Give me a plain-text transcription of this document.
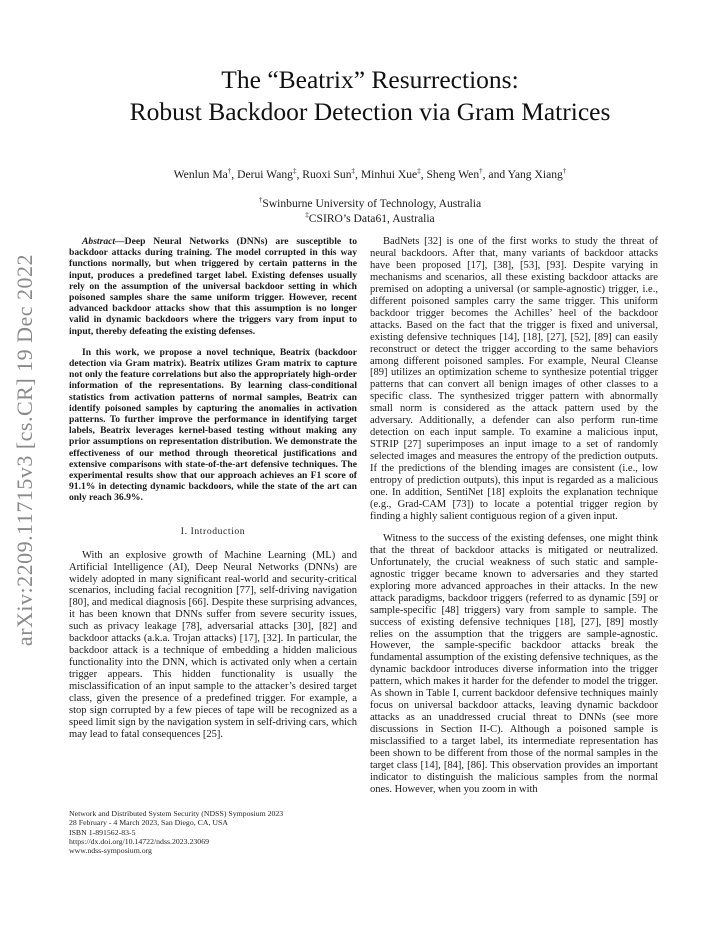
arXiv:2209.11715v3 [cs.CR] 19 Dec 2022
The “Beatrix” Resurrections:
Robust Backdoor Detection via Gram Matrices
Wenlun Ma†, Derui Wang‡, Ruoxi Sun‡, Minhui Xue‡, Sheng Wen†, and Yang Xiang†
†Swinburne University of Technology, Australia
‡CSIRO’s Data61, Australia

Abstract—Deep Neural Networks (DNNs) are susceptible to backdoor attacks during training. The model corrupted in this way functions normally, but when triggered by certain patterns in the input, produces a predefined target label. Existing defenses usually rely on the assumption of the universal backdoor setting in which poisoned samples share the same uniform trigger. However, recent advanced backdoor attacks show that this assumption is no longer valid in dynamic backdoors where the triggers vary from input to input, thereby defeating the existing defenses.

In this work, we propose a novel technique, Beatrix (backdoor detection via Gram matrix). Beatrix utilizes Gram matrix to capture not only the feature correlations but also the appropriately high-order information of the representations. By learning class-conditional statistics from activation patterns of normal samples, Beatrix can identify poisoned samples by capturing the anomalies in activation patterns. To further improve the performance in identifying target labels, Beatrix leverages kernel-based testing without making any prior assumptions on representation distribution. We demonstrate the effectiveness of our method through theoretical justifications and extensive comparisons with state-of-the-art defensive techniques. The experimental results show that our approach achieves an F1 score of 91.1% in detecting dynamic backdoors, while the state of the art can only reach 36.9%.

I. Introduction

With an explosive growth of Machine Learning (ML) and Artificial Intelligence (AI), Deep Neural Networks (DNNs) are widely adopted in many significant real-world and security-critical scenarios, including facial recognition [77], self-driving navigation [80], and medical diagnosis [66]. Despite these surprising advances, it has been known that DNNs suffer from severe security issues, such as privacy leakage [78], adversarial attacks [30], [82] and backdoor attacks (a.k.a. Trojan attacks) [17], [32]. In particular, the backdoor attack is a technique of embedding a hidden malicious functionality into the DNN, which is activated only when a certain trigger appears. This hidden functionality is usually the misclassification of an input sample to the attacker’s desired target class, given the presence of a predefined trigger. For example, a stop sign corrupted by a few pieces of tape will be recognized as a speed limit sign by the navigation system in self-driving cars, which may lead to fatal consequences [25].

BadNets [32] is one of the first works to study the threat of neural backdoors. After that, many variants of backdoor attacks have been proposed [17], [38], [53], [93]. Despite varying in mechanisms and scenarios, all these existing backdoor attacks are premised on adopting a universal (or sample-agnostic) trigger, i.e., different poisoned samples carry the same trigger. This uniform backdoor trigger becomes the Achilles’ heel of the backdoor attacks. Based on the fact that the trigger is fixed and universal, existing defensive techniques [14], [18], [27], [52], [89] can easily reconstruct or detect the trigger according to the same behaviors among different poisoned samples. For example, Neural Cleanse [89] utilizes an optimization scheme to synthesize potential trigger patterns that can convert all benign images of other classes to a specific class. The synthesized trigger pattern with abnormally small norm is considered as the attack pattern used by the adversary. Additionally, a defender can also perform run-time detection on each input sample. To examine a malicious input, STRIP [27] superimposes an input image to a set of randomly selected images and measures the entropy of the prediction outputs. If the predictions of the blending images are consistent (i.e., low entropy of prediction outputs), this input is regarded as a malicious one. In addition, SentiNet [18] exploits the explanation technique (e.g., Grad-CAM [73]) to locate a potential trigger region by finding a highly salient contiguous region of a given input.

Witness to the success of the existing defenses, one might think that the threat of backdoor attacks is mitigated or neutralized. Unfortunately, the crucial weakness of such static and sample-agnostic trigger became known to adversaries and they started exploring more advanced approaches in their attacks. In the new attack paradigms, backdoor triggers (referred to as dynamic [59] or sample-specific [48] triggers) vary from sample to sample. The success of existing defensive techniques [18], [27], [89] mostly relies on the assumption that the triggers are sample-agnostic. However, the sample-specific backdoor attacks break the fundamental assumption of the existing defensive techniques, as the dynamic backdoor introduces diverse information into the trigger pattern, which makes it harder for the defender to model the trigger. As shown in Table I, current backdoor defensive techniques mainly focus on universal backdoor attacks, leaving dynamic backdoor attacks as an unaddressed crucial threat to DNNs (see more discussions in Section II-C). Although a poisoned sample is misclassified to a target label, its intermediate representation has been shown to be different from those of the normal samples in the target class [14], [84], [86]. This observation provides an important indicator to distinguish the malicious samples from the normal ones. However, when you zoom in with

Network and Distributed System Security (NDSS) Symposium 2023
28 February - 4 March 2023, San Diego, CA, USA
ISBN 1-891562-83-5
https://dx.doi.org/10.14722/ndss.2023.23069
www.ndss-symposium.org
